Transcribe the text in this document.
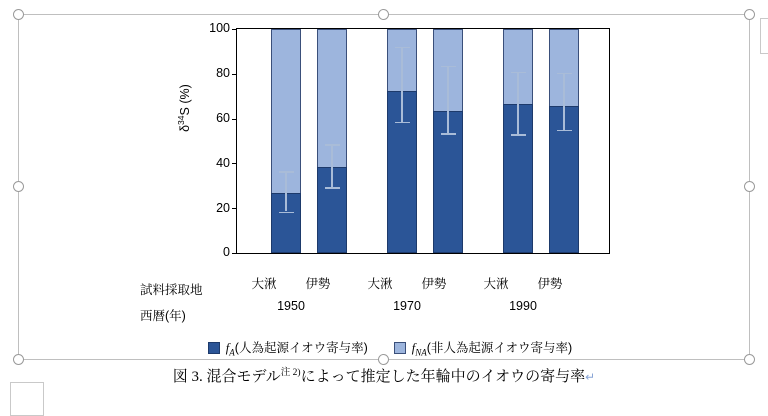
$\delta^{34}S$ (%)
0
20
40
60
80
100
試料採取地
西暦(年)
大湫	伊勢
1950
大湫	伊勢
1970
大湫	伊勢
1990
$f_A$(人為起源イオウ寄与率)	$f_{NA}$(非人為起源イオウ寄与率)
図 3. 混合モデル$^{注 2)}$によって推定した年輪中のイオウの寄与率↵
